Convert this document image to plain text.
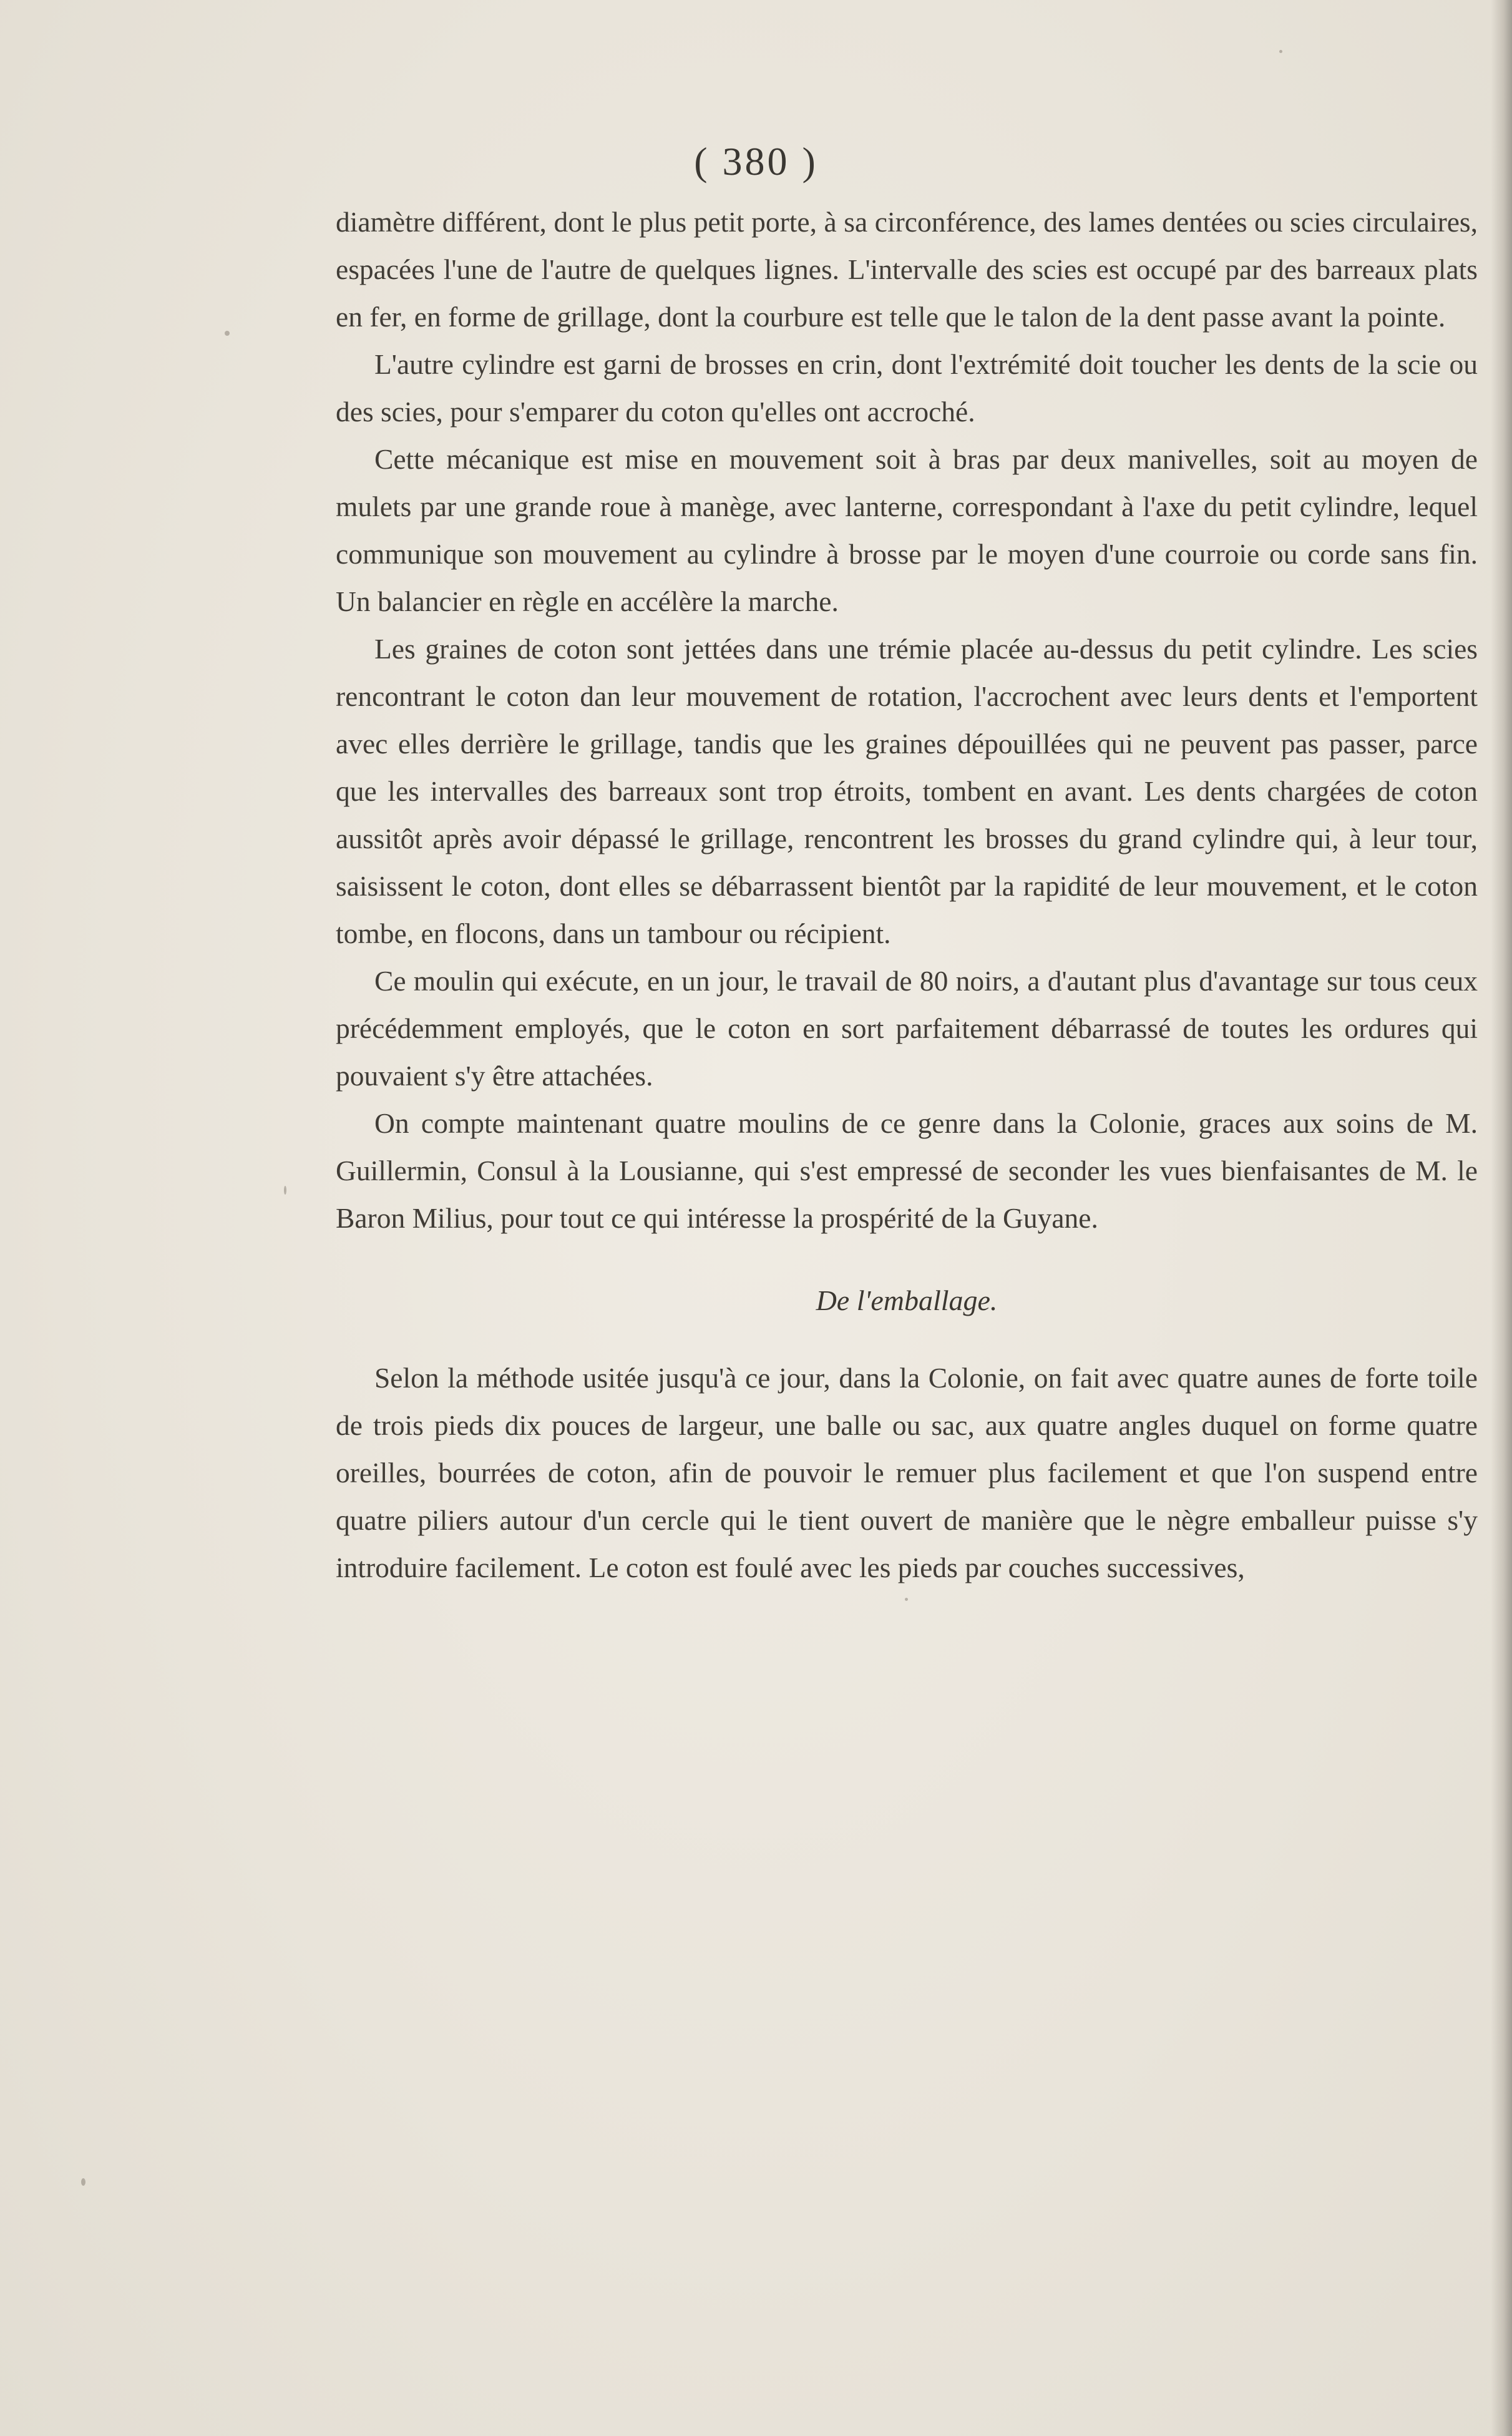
( 380 )

diamètre différent, dont le plus petit porte, à sa circonférence, des lames dentées ou scies circulaires, espacées l'une de l'autre de quelques lignes. L'intervalle des scies est occupé par des barreaux plats en fer, en forme de grillage, dont la courbure est telle que le talon de la dent passe avant la pointe.

L'autre cylindre est garni de brosses en crin, dont l'extrémité doit toucher les dents de la scie ou des scies, pour s'emparer du coton qu'elles ont accroché.

Cette mécanique est mise en mouvement soit à bras par deux manivelles, soit au moyen de mulets par une grande roue à manège, avec lanterne, correspondant à l'axe du petit cylindre, lequel communique son mouvement au cylindre à brosse par le moyen d'une courroie ou corde sans fin. Un balancier en règle en accélère la marche.

Les graines de coton sont jettées dans une trémie placée au-dessus du petit cylindre. Les scies rencontrant le coton dan leur mouvement de rotation, l'accrochent avec leurs dents et l'emportent avec elles derrière le grillage, tandis que les graines dépouillées qui ne peuvent pas passer, parce que les intervalles des barreaux sont trop étroits, tombent en avant. Les dents chargées de coton aussitôt après avoir dépassé le grillage, rencontrent les brosses du grand cylindre qui, à leur tour, saisissent le coton, dont elles se débarrassent bientôt par la rapidité de leur mouvement, et le coton tombe, en flocons, dans un tambour ou récipient.

Ce moulin qui exécute, en un jour, le travail de 80 noirs, a d'autant plus d'avantage sur tous ceux précédemment employés, que le coton en sort parfaitement débarrassé de toutes les ordures qui pouvaient s'y être attachées.

On compte maintenant quatre moulins de ce genre dans la Colonie, graces aux soins de M. Guillermin, Consul à la Lousianne, qui s'est empressé de seconder les vues bienfaisantes de M. le Baron Milius, pour tout ce qui intéresse la prospérité de la Guyane.

De l'emballage.

Selon la méthode usitée jusqu'à ce jour, dans la Colonie, on fait avec quatre aunes de forte toile de trois pieds dix pouces de largeur, une balle ou sac, aux quatre angles duquel on forme quatre oreilles, bourrées de coton, afin de pouvoir le remuer plus facilement et que l'on suspend entre quatre piliers autour d'un cercle qui le tient ouvert de manière que le nègre emballeur puisse s'y introduire facilement. Le coton est foulé avec les pieds par couches successives,
